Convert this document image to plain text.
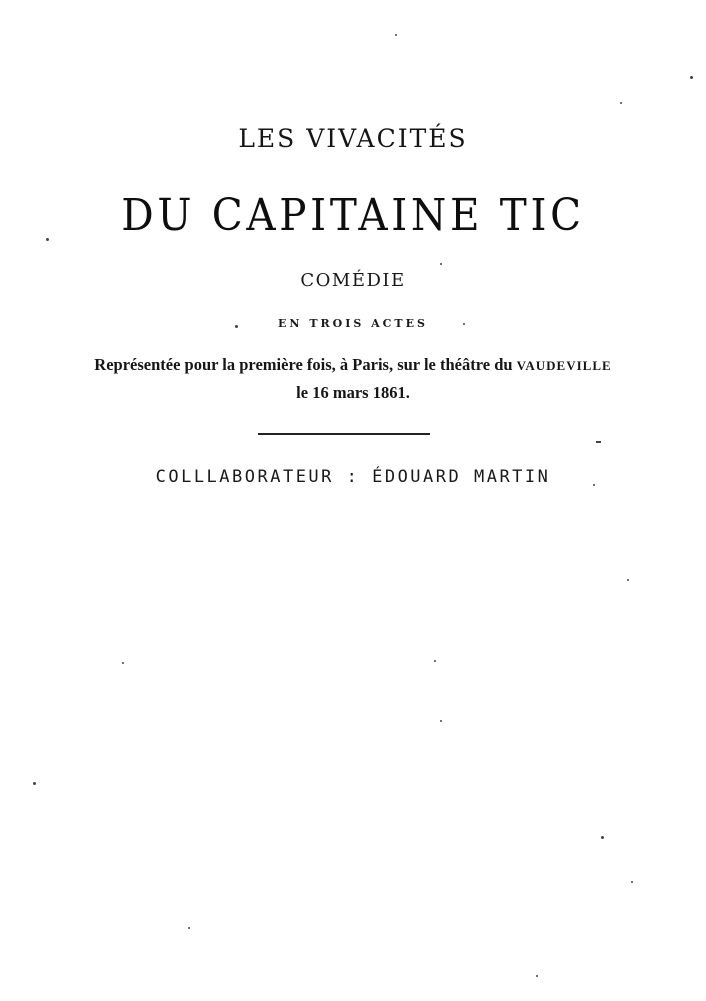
LES VIVACITÉS
DU CAPITAINE TIC

COMÉDIE

EN TROIS ACTES

Représentée pour la première fois, à Paris, sur le théâtre du VAUDEVILLE

le 16 mars 1861.

COLLLABORATEUR : ÉDOUARD MARTIN
